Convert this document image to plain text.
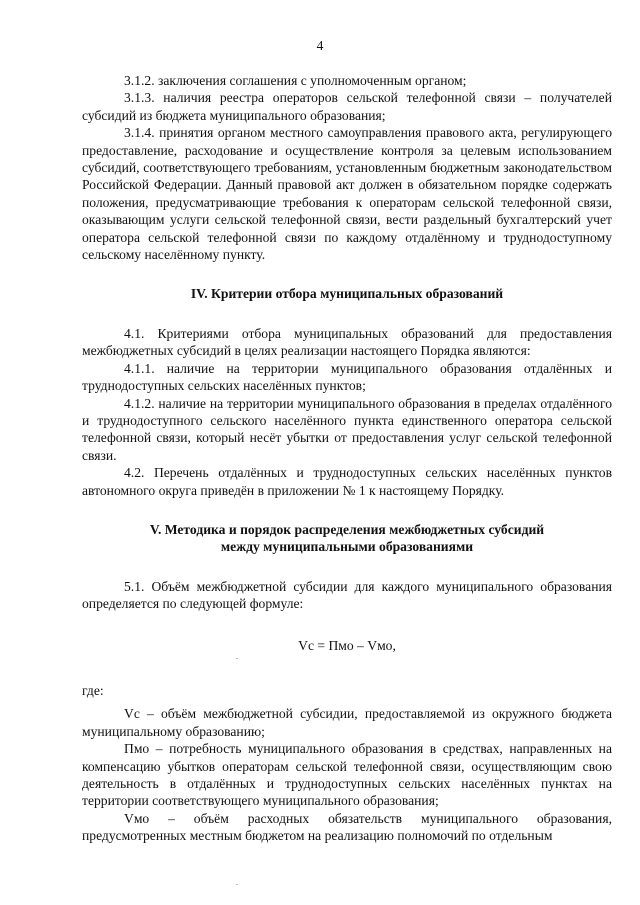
4

3.1.2. заключения соглашения с уполномоченным органом;

3.1.3. наличия реестра операторов сельской телефонной связи – получателей субсидий из бюджета муниципального образования;

3.1.4. принятия органом местного самоуправления правового акта, регулирующего предоставление, расходование и осуществление контроля за целевым использованием субсидий, соответствующего требованиям, установленным бюджетным законодательством Российской Федерации. Данный правовой акт должен в обязательном порядке содержать положения, предусматривающие требования к операторам сельской телефонной связи, оказывающим услуги сельской телефонной связи, вести раздельный бухгалтерский учет оператора сельской телефонной связи по каждому отдалённому и труднодоступному сельскому населённому пункту.

IV. Критерии отбора муниципальных образований

4.1. Критериями отбора муниципальных образований для предоставления межбюджетных субсидий в целях реализации настоящего Порядка являются:

4.1.1. наличие на территории муниципального образования отдалённых и труднодоступных сельских населённых пунктов;

4.1.2. наличие на территории муниципального образования в пределах отдалённого и труднодоступного сельского населённого пункта единственного оператора сельской телефонной связи, который несёт убытки от предоставления услуг сельской телефонной связи.

4.2. Перечень отдалённых и труднодоступных сельских населённых пунктов автономного округа приведён в приложении № 1 к настоящему Порядку.

V. Методика и порядок распределения межбюджетных субсидий

между муниципальными образованиями

5.1. Объём межбюджетной субсидии для каждого муниципального образования определяется по следующей формуле:

Vc = Пмо – Vмо,

где:

Vc – объём межбюджетной субсидии, предоставляемой из окружного бюджета муниципальному образованию;

Пмо – потребность муниципального образования в средствах, направленных на компенсацию убытков операторам сельской телефонной связи, осуществляющим свою деятельность в отдалённых и труднодоступных сельских населённых пунктах на территории соответствующего муниципального образования;

Vмо – объём расходных обязательств муниципального образования, предусмотренных местным бюджетом на реализацию полномочий по отдельным
